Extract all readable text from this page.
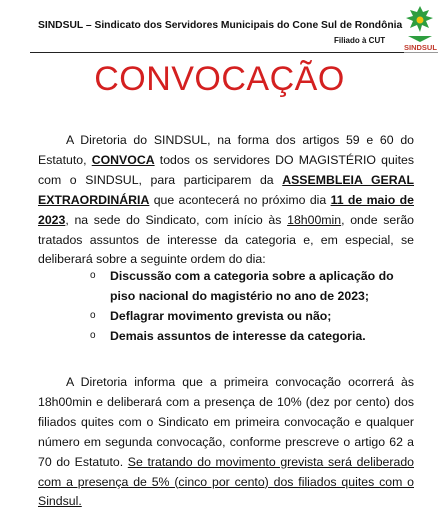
SINDSUL – Sindicato dos Servidores Municipais do Cone Sul de Rondônia
Filiado à CUT
SINDSUL
CONVOCAÇÃO

A Diretoria do SINDSUL, na forma dos artigos 59 e 60 do Estatuto, CONVOCA todos os servidores DO MAGISTÉRIO quites com o SINDSUL, para participarem da ASSEMBLEIA GERAL EXTRAORDINÁRIA que acontecerá no próximo dia 11 de maio de 2023, na sede do Sindicato, com início às 18h00min, onde serão tratados assuntos de interesse da categoria e, em especial, se deliberará sobre a seguinte ordem do dia:

o Discussão com a categoria sobre a aplicação do piso nacional do magistério no ano de 2023;
o Deflagrar movimento grevista ou não;
o Demais assuntos de interesse da categoria.

A Diretoria informa que a primeira convocação ocorrerá às 18h00min e deliberará com a presença de 10% (dez por cento) dos filiados quites com o Sindicato em primeira convocação e qualquer número em segunda convocação, conforme prescreve o artigo 62 a 70 do Estatuto. Se tratando do movimento grevista será deliberado com a presença de 5% (cinco por cento) dos filiados quites com o Sindsul.
